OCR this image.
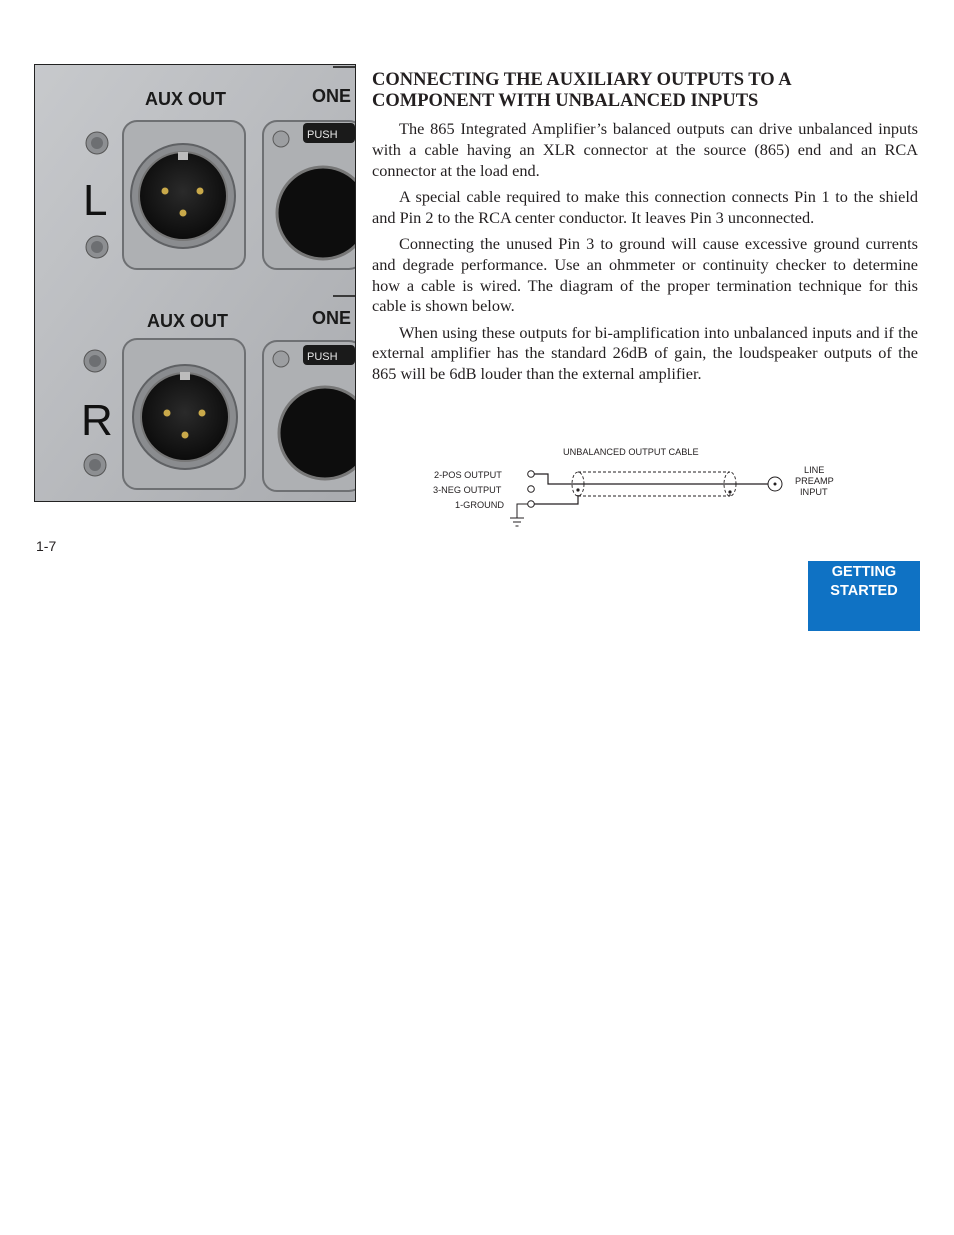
AUX OUT	ONE
L
PUSH
AUX OUT	ONE
R
PUSH
CONNECTING THE AUXILIARY OUTPUTS TO A
COMPONENT WITH UNBALANCED INPUTS

The 865 Integrated Amplifier’s balanced outputs can drive unbalanced inputs with a cable having an XLR connector at the source (865) end and an RCA connector at the load end.

A special cable required to make this connection connects Pin 1 to the shield and Pin 2 to the RCA center conductor. It leaves Pin 3 unconnected.

Connecting the unused Pin 3 to ground will cause excessive ground currents and degrade performance. Use an ohmmeter or continuity checker to determine how a cable is wired. The diagram of the proper termination technique for this cable is shown below.

When using these outputs for bi-amplification into unbalanced inputs and if the external amplifier has the standard 26dB of gain, the loudspeaker outputs of the 865 will be 6dB louder than the external amplifier.

UNBALANCED OUTPUT CABLE
2-POS OUTPUT
3-NEG OUTPUT
1-GROUND
LINE
PREAMP
INPUT
1-7
GETTING
STARTED
